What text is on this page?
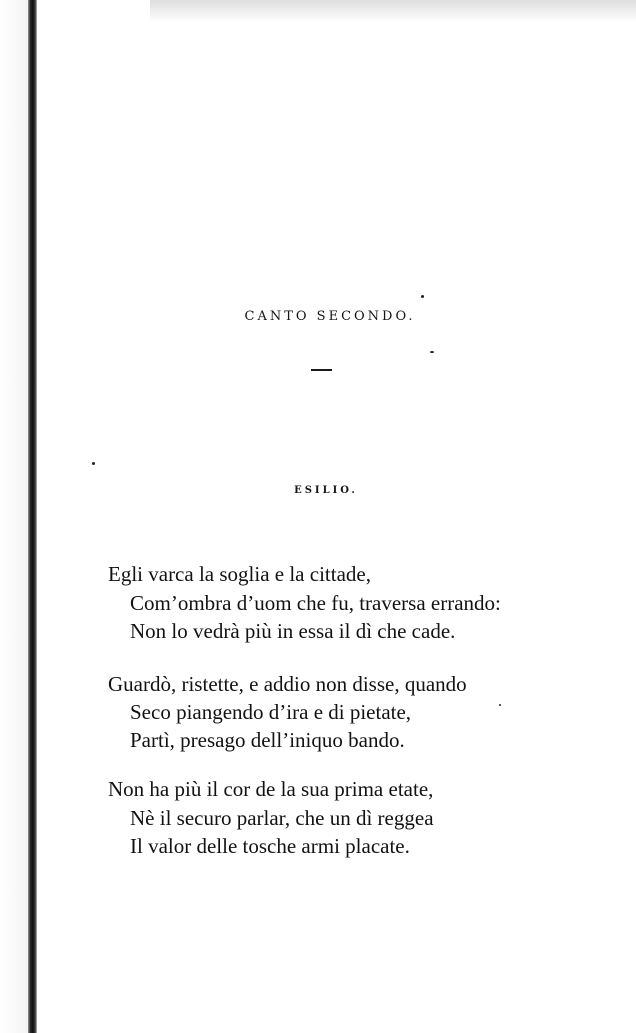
CANTO SECONDO.
ESILIO.
Egli varca la soglia e la cittade,
Com’ombra d’uom che fu, traversa errando:
Non lo vedrà più in essa il dì che cade.
Guardò, ristette, e addio non disse, quando
Seco piangendo d’ira e di pietate,
Partì, presago dell’iniquo bando.
Non ha più il cor de la sua prima etate,
Nè il securo parlar, che un dì reggea
Il valor delle tosche armi placate.
